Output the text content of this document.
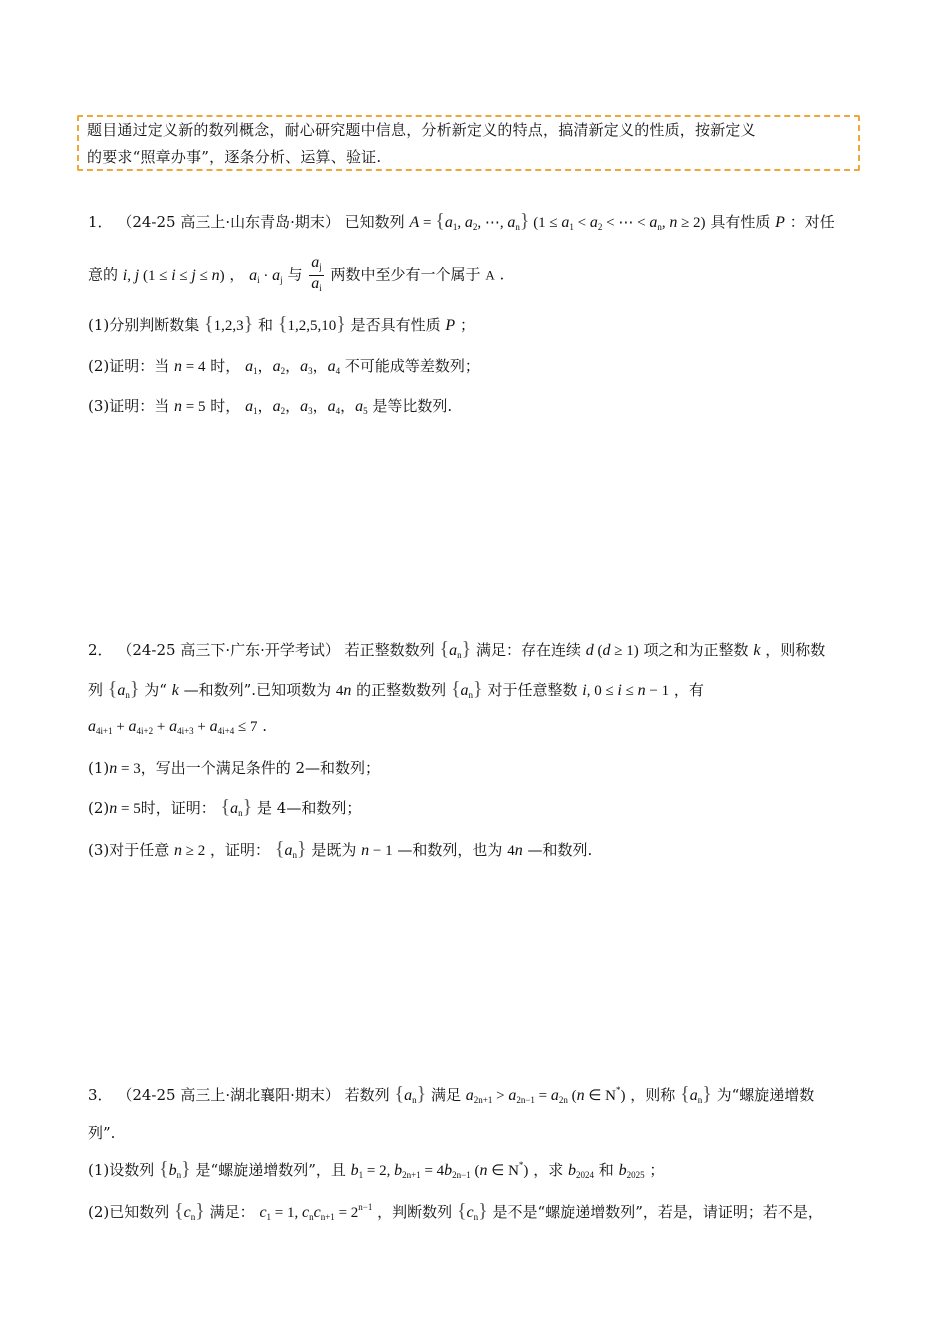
题目通过定义新的数列概念，耐心研究题中信息，分析新定义的特点，搞清新定义的性质，按新定义
的要求“照章办事”，逐条分析、运算、验证.
1． （24-25 高三上·山东青岛·期末） 已知数列 $A = \{a_1$, $a_2$, ⋯, $a_n$} ($1 \le a_1 < a_2$ < ⋯ < $a_n$, n ≥ 2) 具有性质 P ：对任
意的 i, j (1 ≤ i ≤ j ≤ n) ， $a_i \cdot a_j$ 与 $\frac{a_j}{a_i}$ 两数中至少有一个属于 A .
(1)分别判断数集 {1,2,3} 和 {1,2,5,10} 是否具有性质 P ；
(2)证明：当 n = 4 时， $a_1$，$a_2$，$a_3$，$a_4$ 不可能成等差数列；
(3)证明：当 n = 5 时， $a_1$，$a_2$，$a_3$，$a_4$，$a_5$ 是等比数列.
2． （24-25 高三下·广东·开学考试） 若正整数数列 $\{a_n\}$ 满足：存在连续 d (d ≥ 1) 项之和为正整数 k ，则称数
列 $\{a_n\}$ 为“ k —和数列”.已知项数为 4n 的正整数数列 $\{a_n\}$ 对于任意整数 i, 0 ≤ i ≤ n − 1 ，有
$a_{4i+1} + a_{4i+2} + a_{4i+3} + a_{4i+4} \le 7$ .
(1)n = 3，写出一个满足条件的 2—和数列；
(2)n = 5时，证明： $\{a_n\}$ 是 4—和数列；
(3)对于任意 n ≥ 2 ，证明： $\{a_n\}$ 是既为 n − 1 —和数列，也为 4n —和数列.
3． （24-25 高三上·湖北襄阳·期末） 若数列 $\{a_n\}$ 满足 $a_{2n+1} > a_{2n-1} = a_{2n}$ (n ∈ N*) ，则称 $\{a_n\}$ 为“螺旋递增数
列”.
(1)设数列 $\{b_n\}$ 是“螺旋递增数列”，且 $b_1 = 2$, $b_{2n+1} = 4b_{2n-1}$ (n ∈ N*) ，求 $b_{2024}$ 和 $b_{2025}$ ；
(2)已知数列 $\{c_n\}$ 满足： $c_1 = 1$, $c_nc_{n+1} = 2^{n-1}$ ，判断数列 $\{c_n\}$ 是不是“螺旋递增数列”，若是，请证明；若不是，
